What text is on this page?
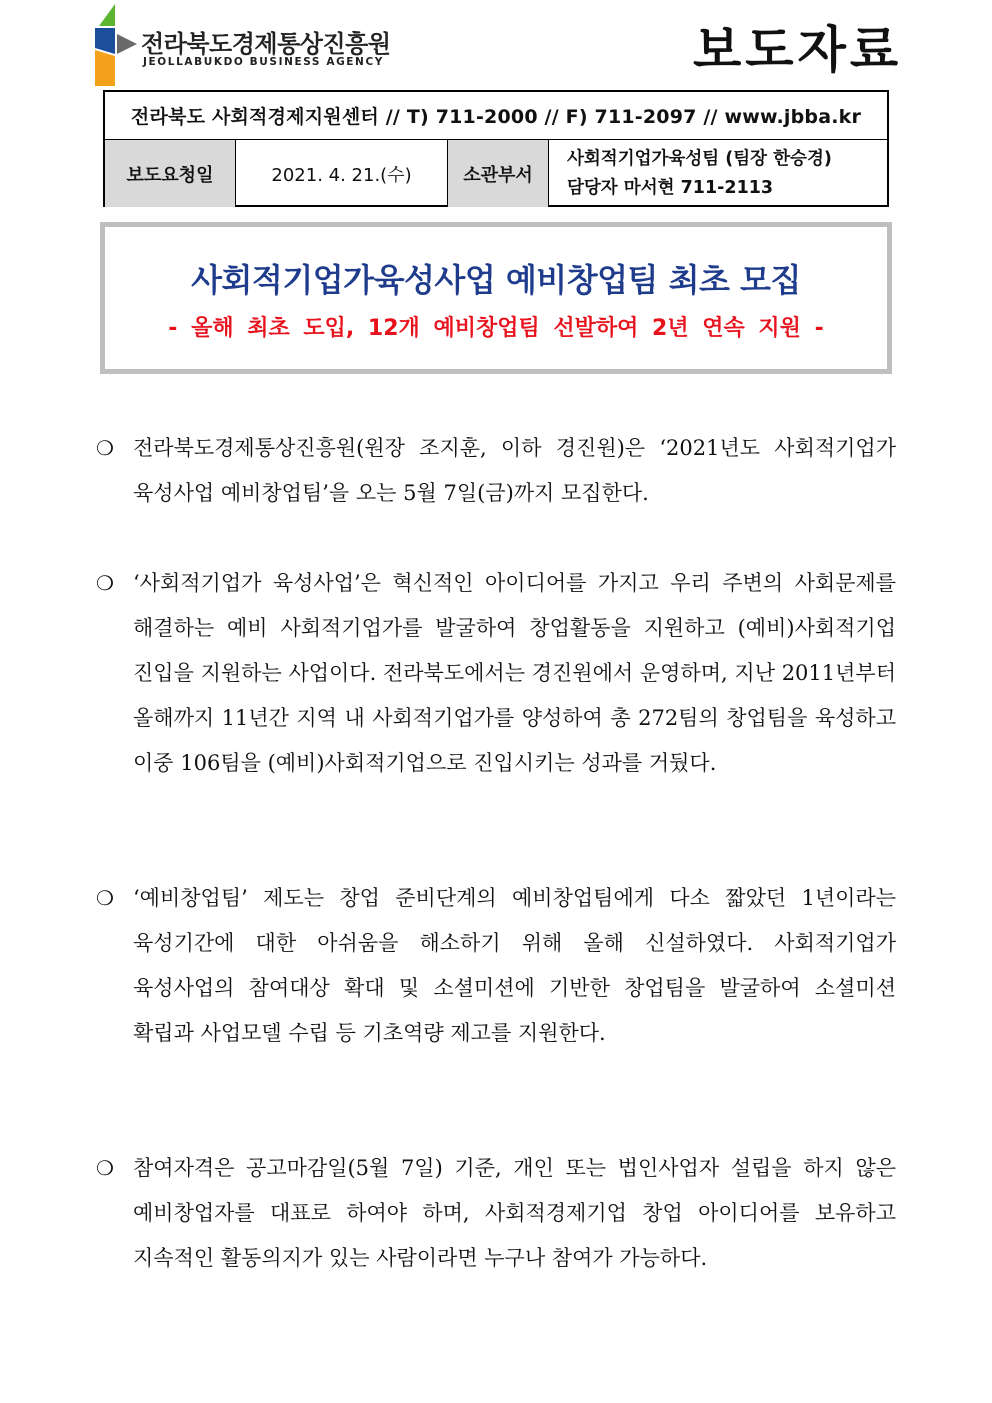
전라북도경제통상진흥원
JEOLLABUKDO BUSINESS AGENCY	보도자료
전라북도 사회적경제지원센터 // T) 711-2000 // F) 711-2097 // www.jbba.kr
보도요청일	2021. 4. 21.(수)	소관부서
사회적기업가육성팀 (팀장 한승경)
담당자 마서현 711-2113
사회적기업가육성사업 예비창업팀 최초 모집
- 올해 최초 도입, 12개 예비창업팀 선발하여 2년 연속 지원 -
❍ 전라북도경제통상진흥원(원장 조지훈, 이하 경진원)은 ‘2021년도 사회적기업가 육성사업 예비창업팀’을 오는 5월 7일(금)까지 모집한다.
❍ ‘사회적기업가 육성사업’은 혁신적인 아이디어를 가지고 우리 주변의 사회문제를 해결하는 예비 사회적기업가를 발굴하여 창업활동을 지원하고 (예비)사회적기업 진입을 지원하는 사업이다. 전라북도에서는 경진원에서 운영하며, 지난 2011년부터 올해까지 11년간 지역 내 사회적기업가를 양성하여 총 272팀의 창업팀을 육성하고 이중 106팀을 (예비)사회적기업으로 진입시키는 성과를 거뒀다.
❍ ‘예비창업팀’ 제도는 창업 준비단계의 예비창업팀에게 다소 짧았던 1년이라는 육성기간에 대한 아쉬움을 해소하기 위해 올해 신설하였다. 사회적기업가 육성사업의 참여대상 확대 및 소셜미션에 기반한 창업팀을 발굴하여 소셜미션 확립과 사업모델 수립 등 기초역량 제고를 지원한다.
❍ 참여자격은 공고마감일(5월 7일) 기준, 개인 또는 법인사업자 설립을 하지 않은 예비창업자를 대표로 하여야 하며, 사회적경제기업 창업 아이디어를 보유하고 지속적인 활동의지가 있는 사람이라면 누구나 참여가 가능하다.
